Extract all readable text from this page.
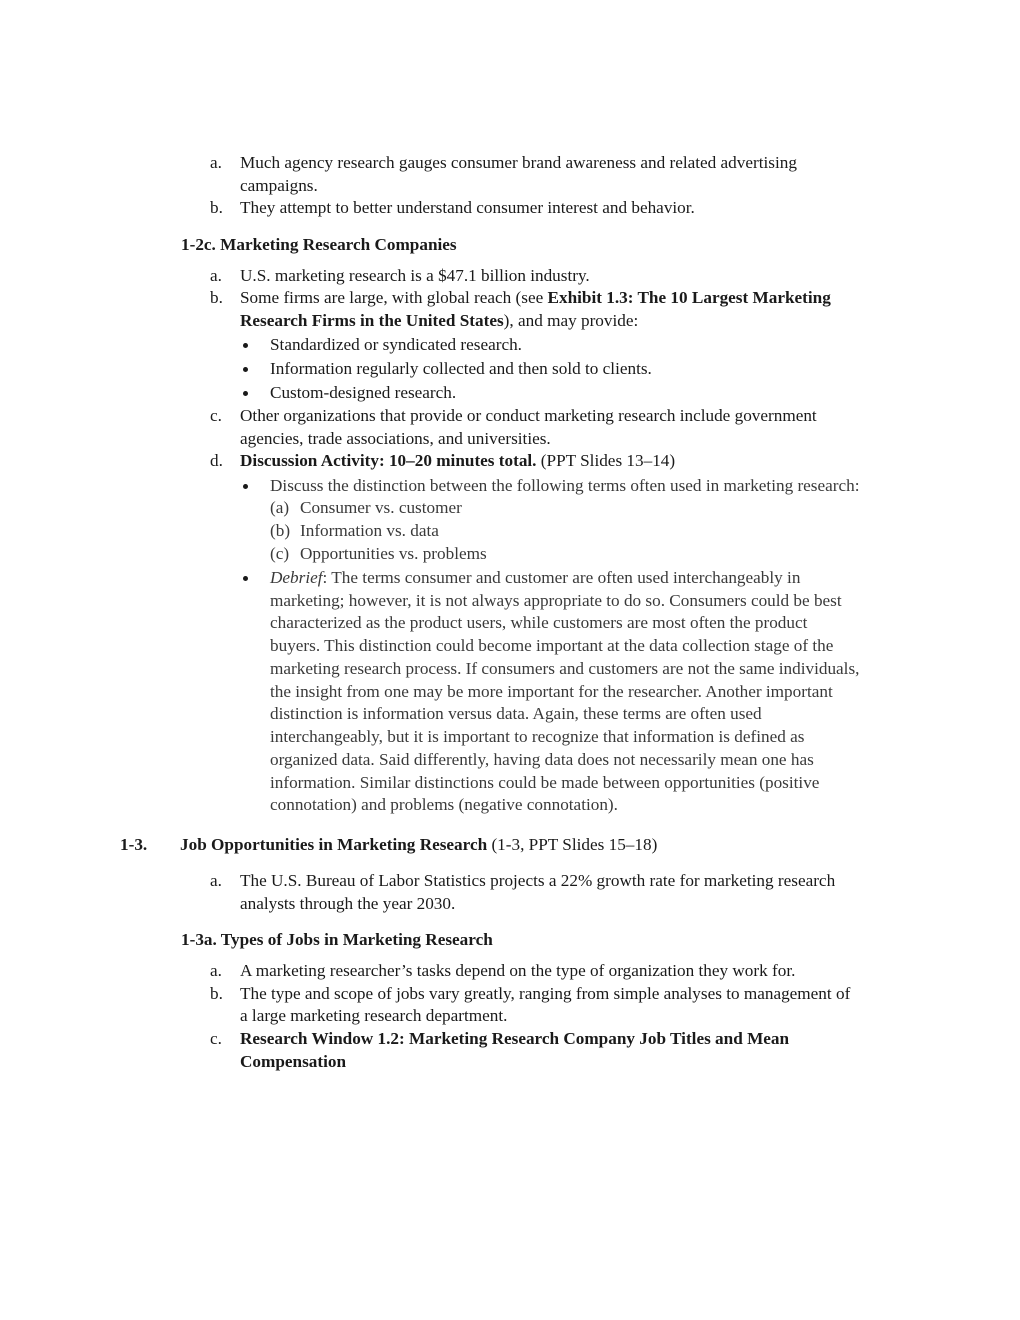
a. Much agency research gauges consumer brand awareness and related advertising
campaigns.
b. They attempt to better understand consumer interest and behavior.
1-2c. Marketing Research Companies
a. U.S. marketing research is a $47.1 billion industry.
b. Some firms are large, with global reach (see Exhibit 1.3: The 10 Largest Marketing
Research Firms in the United States), and may provide:
Standardized or syndicated research.
Information regularly collected and then sold to clients.
Custom-designed research.
c. Other organizations that provide or conduct marketing research include government
agencies, trade associations, and universities.
d. Discussion Activity: 10–20 minutes total. (PPT Slides 13–14)
Discuss the distinction between the following terms often used in marketing research:
(a) Consumer vs. customer
(b) Information vs. data
(c) Opportunities vs. problems
Debrief: The terms consumer and customer are often used interchangeably in
marketing; however, it is not always appropriate to do so. Consumers could be best
characterized as the product users, while customers are most often the product
buyers. This distinction could become important at the data collection stage of the
marketing research process. If consumers and customers are not the same individuals,
the insight from one may be more important for the researcher. Another important
distinction is information versus data. Again, these terms are often used
interchangeably, but it is important to recognize that information is defined as
organized data. Said differently, having data does not necessarily mean one has
information. Similar distinctions could be made between opportunities (positive
connotation) and problems (negative connotation).
1-3. Job Opportunities in Marketing Research (1-3, PPT Slides 15–18)
a. The U.S. Bureau of Labor Statistics projects a 22% growth rate for marketing research
analysts through the year 2030.
1-3a. Types of Jobs in Marketing Research
a. A marketing researcher’s tasks depend on the type of organization they work for.
b. The type and scope of jobs vary greatly, ranging from simple analyses to management of
a large marketing research department.
c. Research Window 1.2: Marketing Research Company Job Titles and Mean
Compensation
